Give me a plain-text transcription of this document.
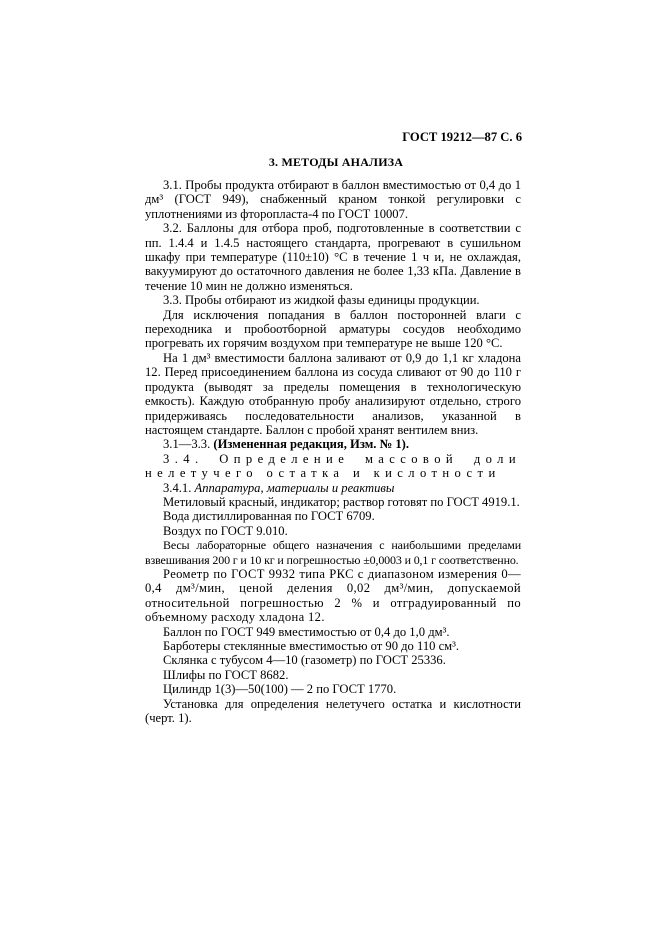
ГОСТ 19212—87 С. 6
3. МЕТОДЫ АНАЛИЗА

3.1. Пробы продукта отбирают в баллон вместимостью от 0,4 до 1 дм³ (ГОСТ 949), снабженный краном тонкой регулировки с уплотнениями из фторопласта-4 по ГОСТ 10007.

3.2. Баллоны для отбора проб, подготовленные в соответствии с пп. 1.4.4 и 1.4.5 настоящего стандарта, прогревают в сушильном шкафу при температуре (110±10) °С в течение 1 ч и, не охлаждая, вакуумируют до остаточного давления не более 1,33 кПа. Давление в течение 10 мин не должно изменяться.

3.3. Пробы отбирают из жидкой фазы единицы продукции.

Для исключения попадания в баллон посторонней влаги с переходника и пробоотборной арматуры сосудов необходимо прогревать их горячим воздухом при температуре не выше 120 °С.

На 1 дм³ вместимости баллона заливают от 0,9 до 1,1 кг хладона 12. Перед присоединением баллона из сосуда сливают от 90 до 110 г продукта (выводят за пределы помещения в технологическую емкость). Каждую отобранную пробу анализируют отдельно, строго придерживаясь последовательности анализов, указанной в настоящем стандарте. Баллон с пробой хранят вентилем вниз.

3.1—3.3. (Измененная редакция, Изм. № 1).

3.4. Определение массовой доли нелетучего остатка и кислотности

3.4.1. Аппаратура, материалы и реактивы

Метиловый красный, индикатор; раствор готовят по ГОСТ 4919.1.

Вода дистиллированная по ГОСТ 6709.

Воздух по ГОСТ 9.010.

Весы лабораторные общего назначения с наибольшими пределами взвешивания 200 г и 10 кг и погрешностью ±0,0003 и 0,1 г соответственно.

Реометр по ГОСТ 9932 типа РКС с диапазоном измерения 0—0,4 дм³/мин, ценой деления 0,02 дм³/мин, допускаемой относительной погрешностью 2 % и отградуированный по объемному расходу хладона 12.

Баллон по ГОСТ 949 вместимостью от 0,4 до 1,0 дм³.

Барботеры стеклянные вместимостью от 90 до 110 см³.

Склянка с тубусом 4—10 (газометр) по ГОСТ 25336.

Шлифы по ГОСТ 8682.

Цилиндр 1(3)—50(100) — 2 по ГОСТ 1770.

Установка для определения нелетучего остатка и кислотности (черт. 1).
